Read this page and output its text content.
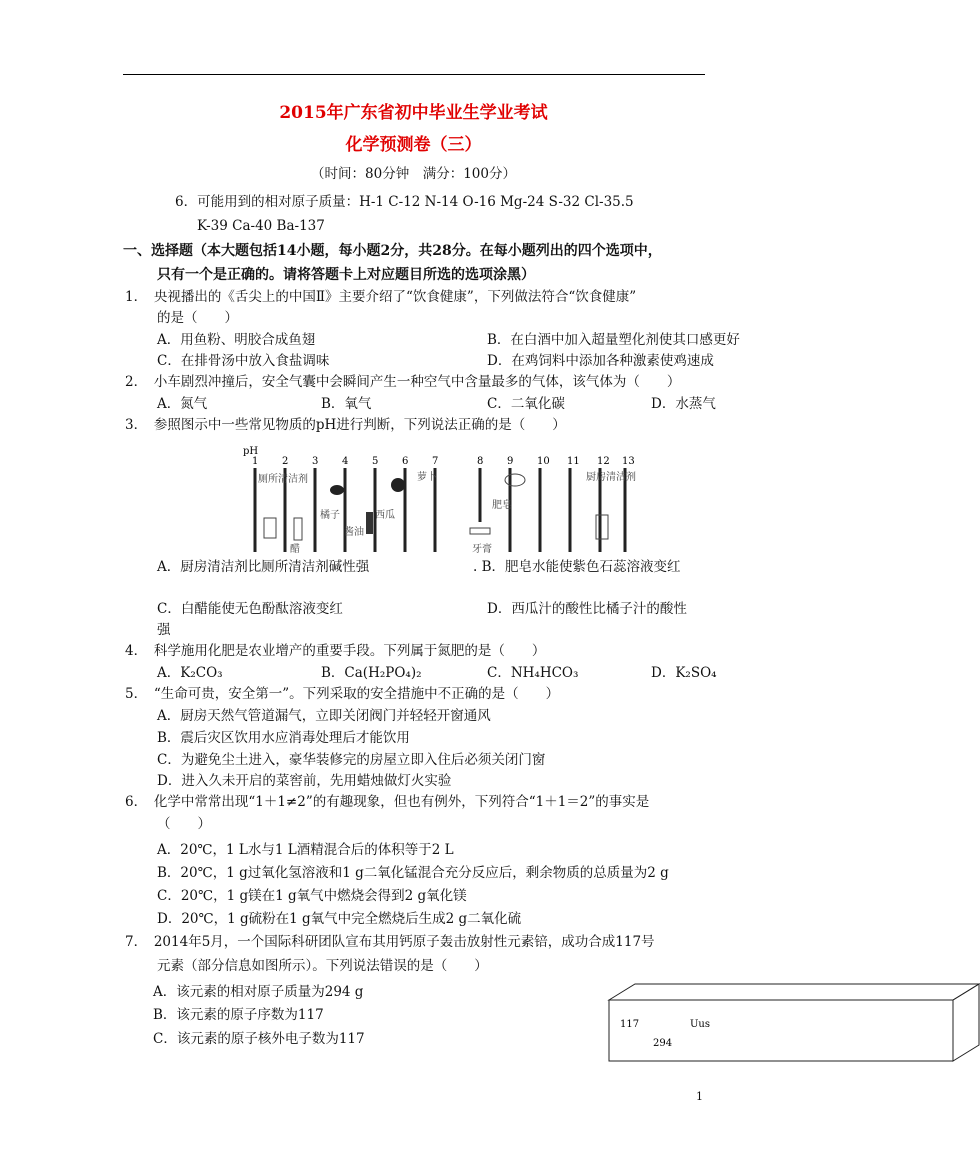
2015年广东省初中毕业生学业考试
化学预测卷（三）
（时间：80分钟　满分：100分）
6．可能用到的相对原子质量：H-1 C-12 N-14 O-16 Mg-24 S-32 Cl-35.5
K-39 Ca-40 Ba-137
一、选择题（本大题包括14小题，每小题2分，共28分。在每小题列出的四个选项中，
只有一个是正确的。请将答题卡上对应题目所选的选项涂黑）
1．　央视播出的《舌尖上的中国Ⅱ》主要介绍了“饮食健康”，下列做法符合“饮食健康”
的是（　　）
A．用鱼粉、明胶合成鱼翅	B．在白酒中加入超量塑化剂使其口感更好
C．在排骨汤中放入食盐调味	D．在鸡饲料中添加各种激素使鸡速成
2．　小车剧烈冲撞后，安全气囊中会瞬间产生一种空气中含量最多的气体，该气体为（　　）
A．氮气	B．氧气	C．二氧化碳	D．水蒸气
3．　参照图示中一些常见物质的pH进行判断，下列说法正确的是（　　）
pH
1 2 3 4 5 6 7	8 9 10 11 12 13
厕所清洁剂
醋
橘子
酱油
西瓜
萝卜
牙膏
肥皂
厨房清洁剂
A．厨房清洁剂比厕所清洁剂碱性强	. B．肥皂水能使紫色石蕊溶液变红
C．白醋能使无色酚酞溶液变红	D．西瓜汁的酸性比橘子汁的酸性
强
4．　科学施用化肥是农业增产的重要手段。下列属于氮肥的是（　　）
A．K₂CO₃	B．Ca(H₂PO₄)₂	C．NH₄HCO₃	D．K₂SO₄
5．　“生命可贵，安全第一”。下列采取的安全措施中不正确的是（　　）
A．厨房天然气管道漏气，立即关闭阀门并轻轻开窗通风
B．震后灾区饮用水应消毒处理后才能饮用
C．为避免尘土进入，豪华装修完的房屋立即入住后必须关闭门窗
D．进入久未开启的菜窖前，先用蜡烛做灯火实验
6．　化学中常常出现“1＋1≠2”的有趣现象，但也有例外，下列符合“1＋1＝2”的事实是
（　　）
A．20℃，1 L水与1 L酒精混合后的体积等于2 L
B．20℃，1 g过氧化氢溶液和1 g二氧化锰混合充分反应后，剩余物质的总质量为2 g
C．20℃，1 g镁在1 g氧气中燃烧会得到2 g氧化镁
D．20℃，1 g硫粉在1 g氧气中完全燃烧后生成2 g二氧化硫
7．　2014年5月，一个国际科研团队宣布其用钙原子轰击放射性元素锫，成功合成117号
元素（部分信息如图所示）。下列说法错误的是（　　）
A．该元素的相对原子质量为294 g
B．该元素的原子序数为117
C．该元素的原子核外电子数为117
117	Uus
294
1
